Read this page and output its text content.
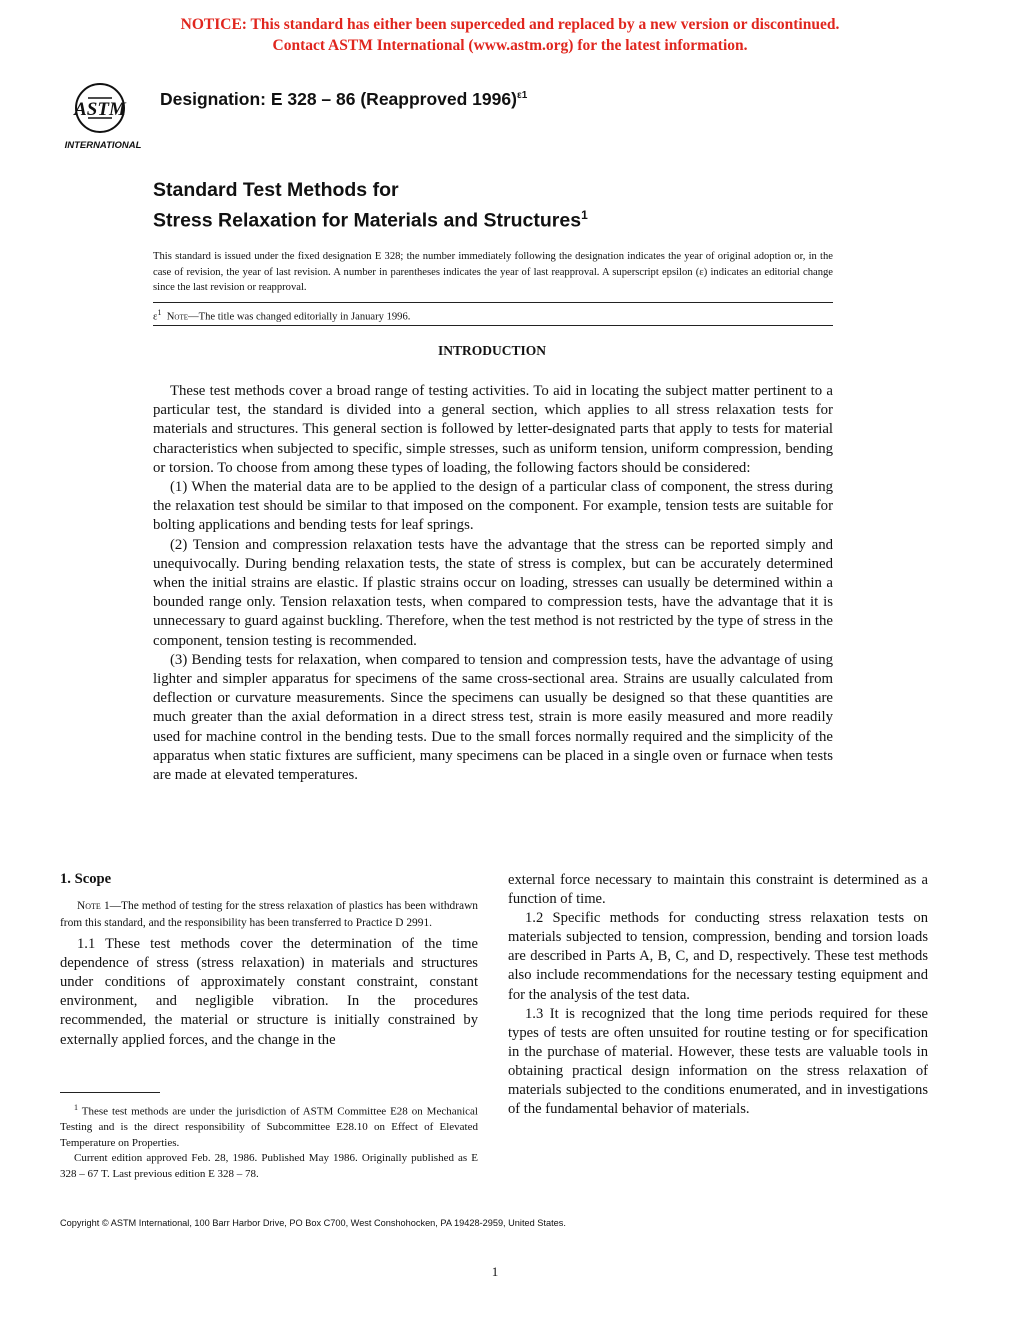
NOTICE: This standard has either been superceded and replaced by a new version or discontinued.
Contact ASTM International (www.astm.org) for the latest information.
ASTM
INTERNATIONAL
Designation: E 328 – 86 (Reapproved 1996)$^{\varepsilon 1}$
Standard Test Methods for
Stress Relaxation for Materials and Structures$^1$
This standard is issued under the fixed designation E 328; the number immediately following the designation indicates the year of original adoption or, in the case of revision, the year of last revision. A number in parentheses indicates the year of last reapproval. A superscript epsilon (ε) indicates an editorial change since the last revision or reapproval.
$\varepsilon^1$ Note—The title was changed editorially in January 1996.
INTRODUCTION

These test methods cover a broad range of testing activities. To aid in locating the subject matter pertinent to a particular test, the standard is divided into a general section, which applies to all stress relaxation tests for materials and structures. This general section is followed by letter-designated parts that apply to tests for material characteristics when subjected to specific, simple stresses, such as uniform tension, uniform compression, bending or torsion. To choose from among these types of loading, the following factors should be considered:

(1) When the material data are to be applied to the design of a particular class of component, the stress during the relaxation test should be similar to that imposed on the component. For example, tension tests are suitable for bolting applications and bending tests for leaf springs.

(2) Tension and compression relaxation tests have the advantage that the stress can be reported simply and unequivocally. During bending relaxation tests, the state of stress is complex, but can be accurately determined when the initial strains are elastic. If plastic strains occur on loading, stresses can usually be determined within a bounded range only. Tension relaxation tests, when compared to compression tests, have the advantage that it is unnecessary to guard against buckling. Therefore, when the test method is not restricted by the type of stress in the component, tension testing is recommended.

(3) Bending tests for relaxation, when compared to tension and compression tests, have the advantage of using lighter and simpler apparatus for specimens of the same cross-sectional area. Strains are usually calculated from deflection or curvature measurements. Since the specimens can usually be designed so that these quantities are much greater than the axial deformation in a direct stress test, strain is more easily measured and more readily used for machine control in the bending tests. Due to the small forces normally required and the simplicity of the apparatus when static fixtures are sufficient, many specimens can be placed in a single oven or furnace when tests are made at elevated temperatures.

1. Scope

Note 1—The method of testing for the stress relaxation of plastics has been withdrawn from this standard, and the responsibility has been transferred to Practice D 2991.

1.1 These test methods cover the determination of the time dependence of stress (stress relaxation) in materials and structures under conditions of approximately constant constraint, constant environment, and negligible vibration. In the procedures recommended, the material or structure is initially constrained by externally applied forces, and the change in the

$^1$ These test methods are under the jurisdiction of ASTM Committee E28 on Mechanical Testing and is the direct responsibility of Subcommittee E28.10 on Effect of Elevated Temperature on Properties.

Current edition approved Feb. 28, 1986. Published May 1986. Originally published as E 328 – 67 T. Last previous edition E 328 – 78.

external force necessary to maintain this constraint is determined as a function of time.

1.2 Specific methods for conducting stress relaxation tests on materials subjected to tension, compression, bending and torsion loads are described in Parts A, B, C, and D, respectively. These test methods also include recommendations for the necessary testing equipment and for the analysis of the test data.

1.3 It is recognized that the long time periods required for these types of tests are often unsuited for routine testing or for specification in the purchase of material. However, these tests are valuable tools in obtaining practical design information on the stress relaxation of materials subjected to the conditions enumerated, and in investigations of the fundamental behavior of materials.

Copyright © ASTM International, 100 Barr Harbor Drive, PO Box C700, West Conshohocken, PA 19428-2959, United States.
1
